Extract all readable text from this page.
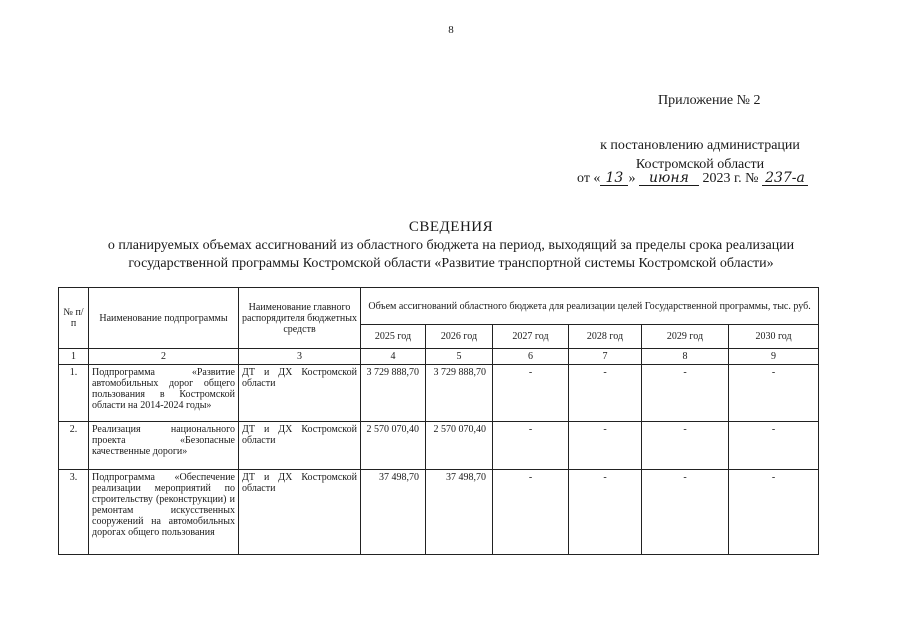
8
Приложение № 2
к постановлению администрации
Костромской области
от « 13 » июня 2023 г. № 237-а
СВЕДЕНИЯ
о планируемых объемах ассигнований из областного бюджета на период, выходящий за пределы срока реализации государственной программы Костромской области «Развитие транспортной системы Костромской области»
№ п/п	Наименование подпрограммы	Наименование главного распорядителя бюджетных средств	Объем ассигнований областного бюджета для реализации целей Государственной программы, тыс. руб.					
			2025 год	2026 год	2027 год	2028 год	2029 год	2030 год
1	2	3	4	5	6	7	8	9
1.	Подпрограмма «Развитие автомобильных дорог общего пользования в Костромской области на 2014-2024 годы»	ДТ и ДХ Костромской области	3 729 888,70	3 729 888,70	-	-	-	-
2.	Реализация национального проекта «Безопасные качественные дороги»	ДТ и ДХ Костромской области	2 570 070,40	2 570 070,40	-	-	-	-
3.	Подпрограмма «Обеспечение реализации мероприятий по строительству (реконструкции) и ремонтам искусственных сооружений на автомобильных дорогах общего пользования	ДТ и ДХ Костромской области	37 498,70	37 498,70	-	-	-	-
